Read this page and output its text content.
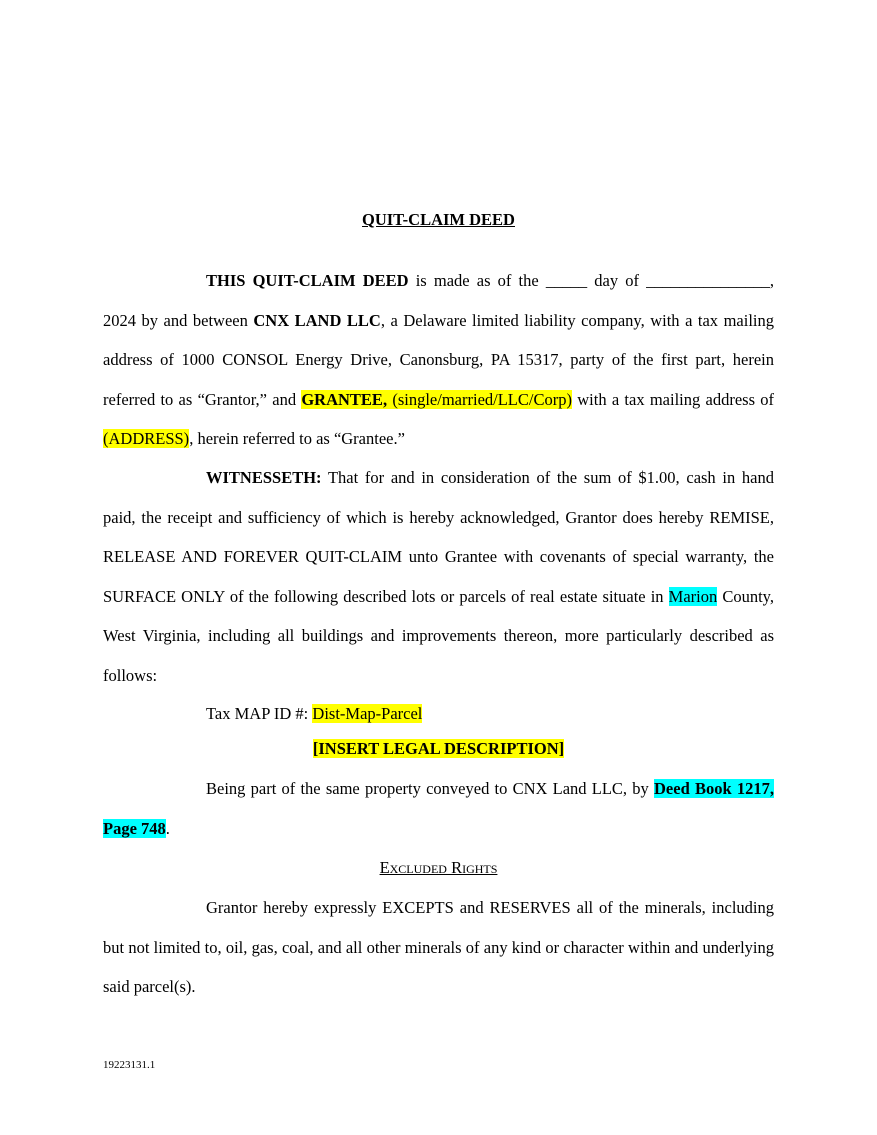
QUIT-CLAIM DEED

THIS QUIT-CLAIM DEED is made as of the _____ day of _______________, 2024 by and between CNX LAND LLC, a Delaware limited liability company, with a tax mailing address of 1000 CONSOL Energy Drive, Canonsburg, PA 15317, party of the first part, herein referred to as “Grantor,” and GRANTEE, (single/married/LLC/Corp) with a tax mailing address of (ADDRESS), herein referred to as “Grantee.”

WITNESSETH: That for and in consideration of the sum of $1.00, cash in hand paid, the receipt and sufficiency of which is hereby acknowledged, Grantor does hereby REMISE, RELEASE AND FOREVER QUIT-CLAIM unto Grantee with covenants of special warranty, the SURFACE ONLY of the following described lots or parcels of real estate situate in Marion County, West Virginia, including all buildings and improvements thereon, more particularly described as follows:

Tax MAP ID #: Dist-Map-Parcel
[INSERT LEGAL DESCRIPTION]

Being part of the same property conveyed to CNX Land LLC, by Deed Book 1217, Page 748.

Excluded Rights

Grantor hereby expressly EXCEPTS and RESERVES all of the minerals, including but not limited to, oil, gas, coal, and all other minerals of any kind or character within and underlying said parcel(s).

19223131.1
